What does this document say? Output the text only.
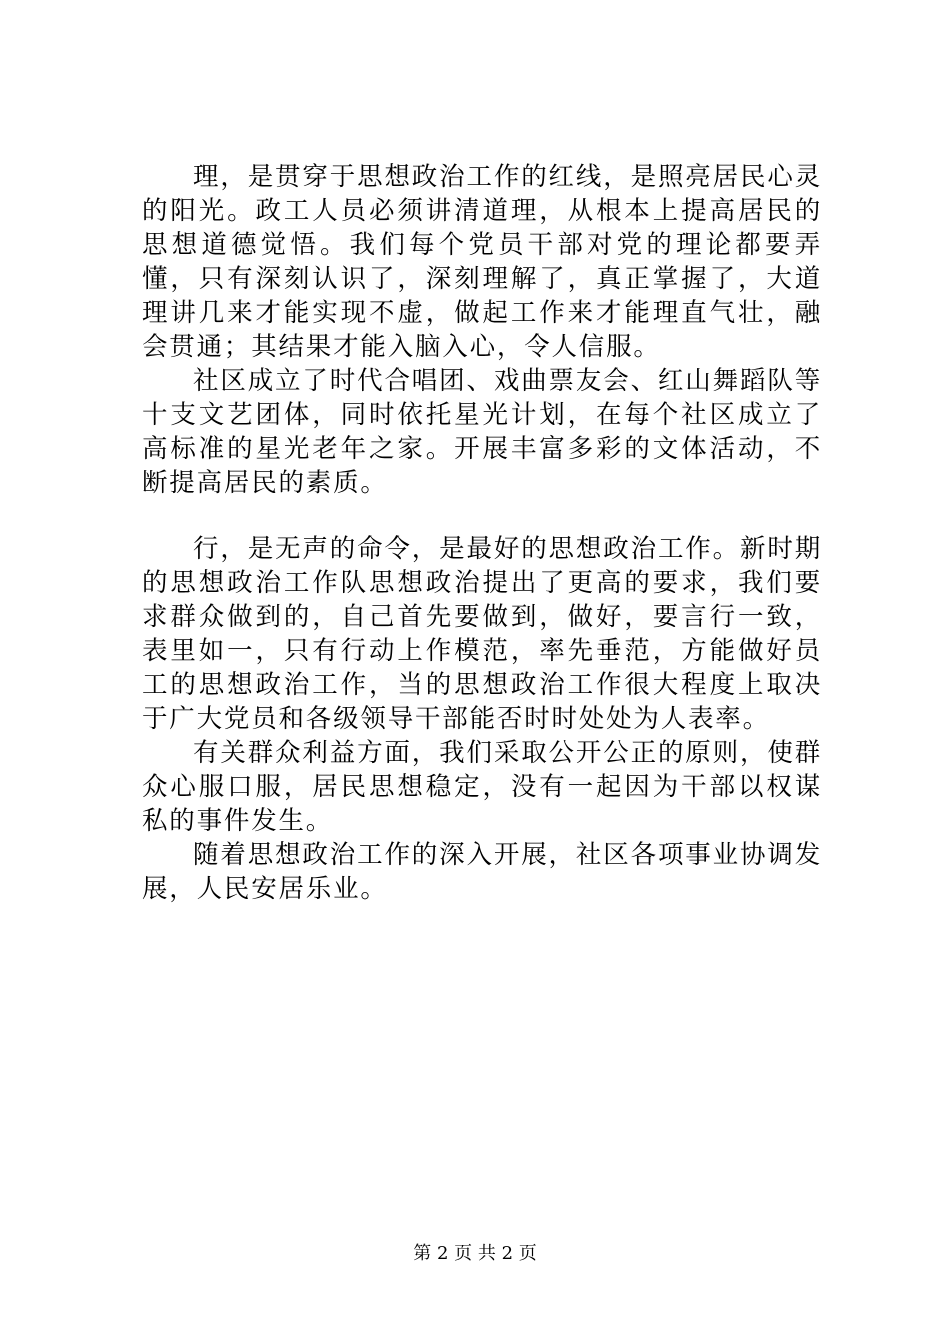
理，是贯穿于思想政治工作的红线，是照亮居民心灵的阳光。政工人员必须讲清道理，从根本上提高居民的思想道德觉悟。我们每个党员干部对党的理论都要弄懂，只有深刻认识了，深刻理解了，真正掌握了，大道理讲几来才能实现不虚，做起工作来才能理直气壮，融会贯通；其结果才能入脑入心，令人信服。

社区成立了时代合唱团、戏曲票友会、红山舞蹈队等十支文艺团体，同时依托星光计划，在每个社区成立了高标准的星光老年之家。开展丰富多彩的文体活动，不断提高居民的素质。

行，是无声的命令，是最好的思想政治工作。新时期的思想政治工作队思想政治提出了更高的要求，我们要求群众做到的，自己首先要做到，做好，要言行一致，表里如一，只有行动上作模范，率先垂范，方能做好员工的思想政治工作，当的思想政治工作很大程度上取决于广大党员和各级领导干部能否时时处处为人表率。

有关群众利益方面，我们采取公开公正的原则，使群众心服口服，居民思想稳定，没有一起因为干部以权谋私的事件发生。

随着思想政治工作的深入开展，社区各项事业协调发展，人民安居乐业。

第 2 页 共 2 页
